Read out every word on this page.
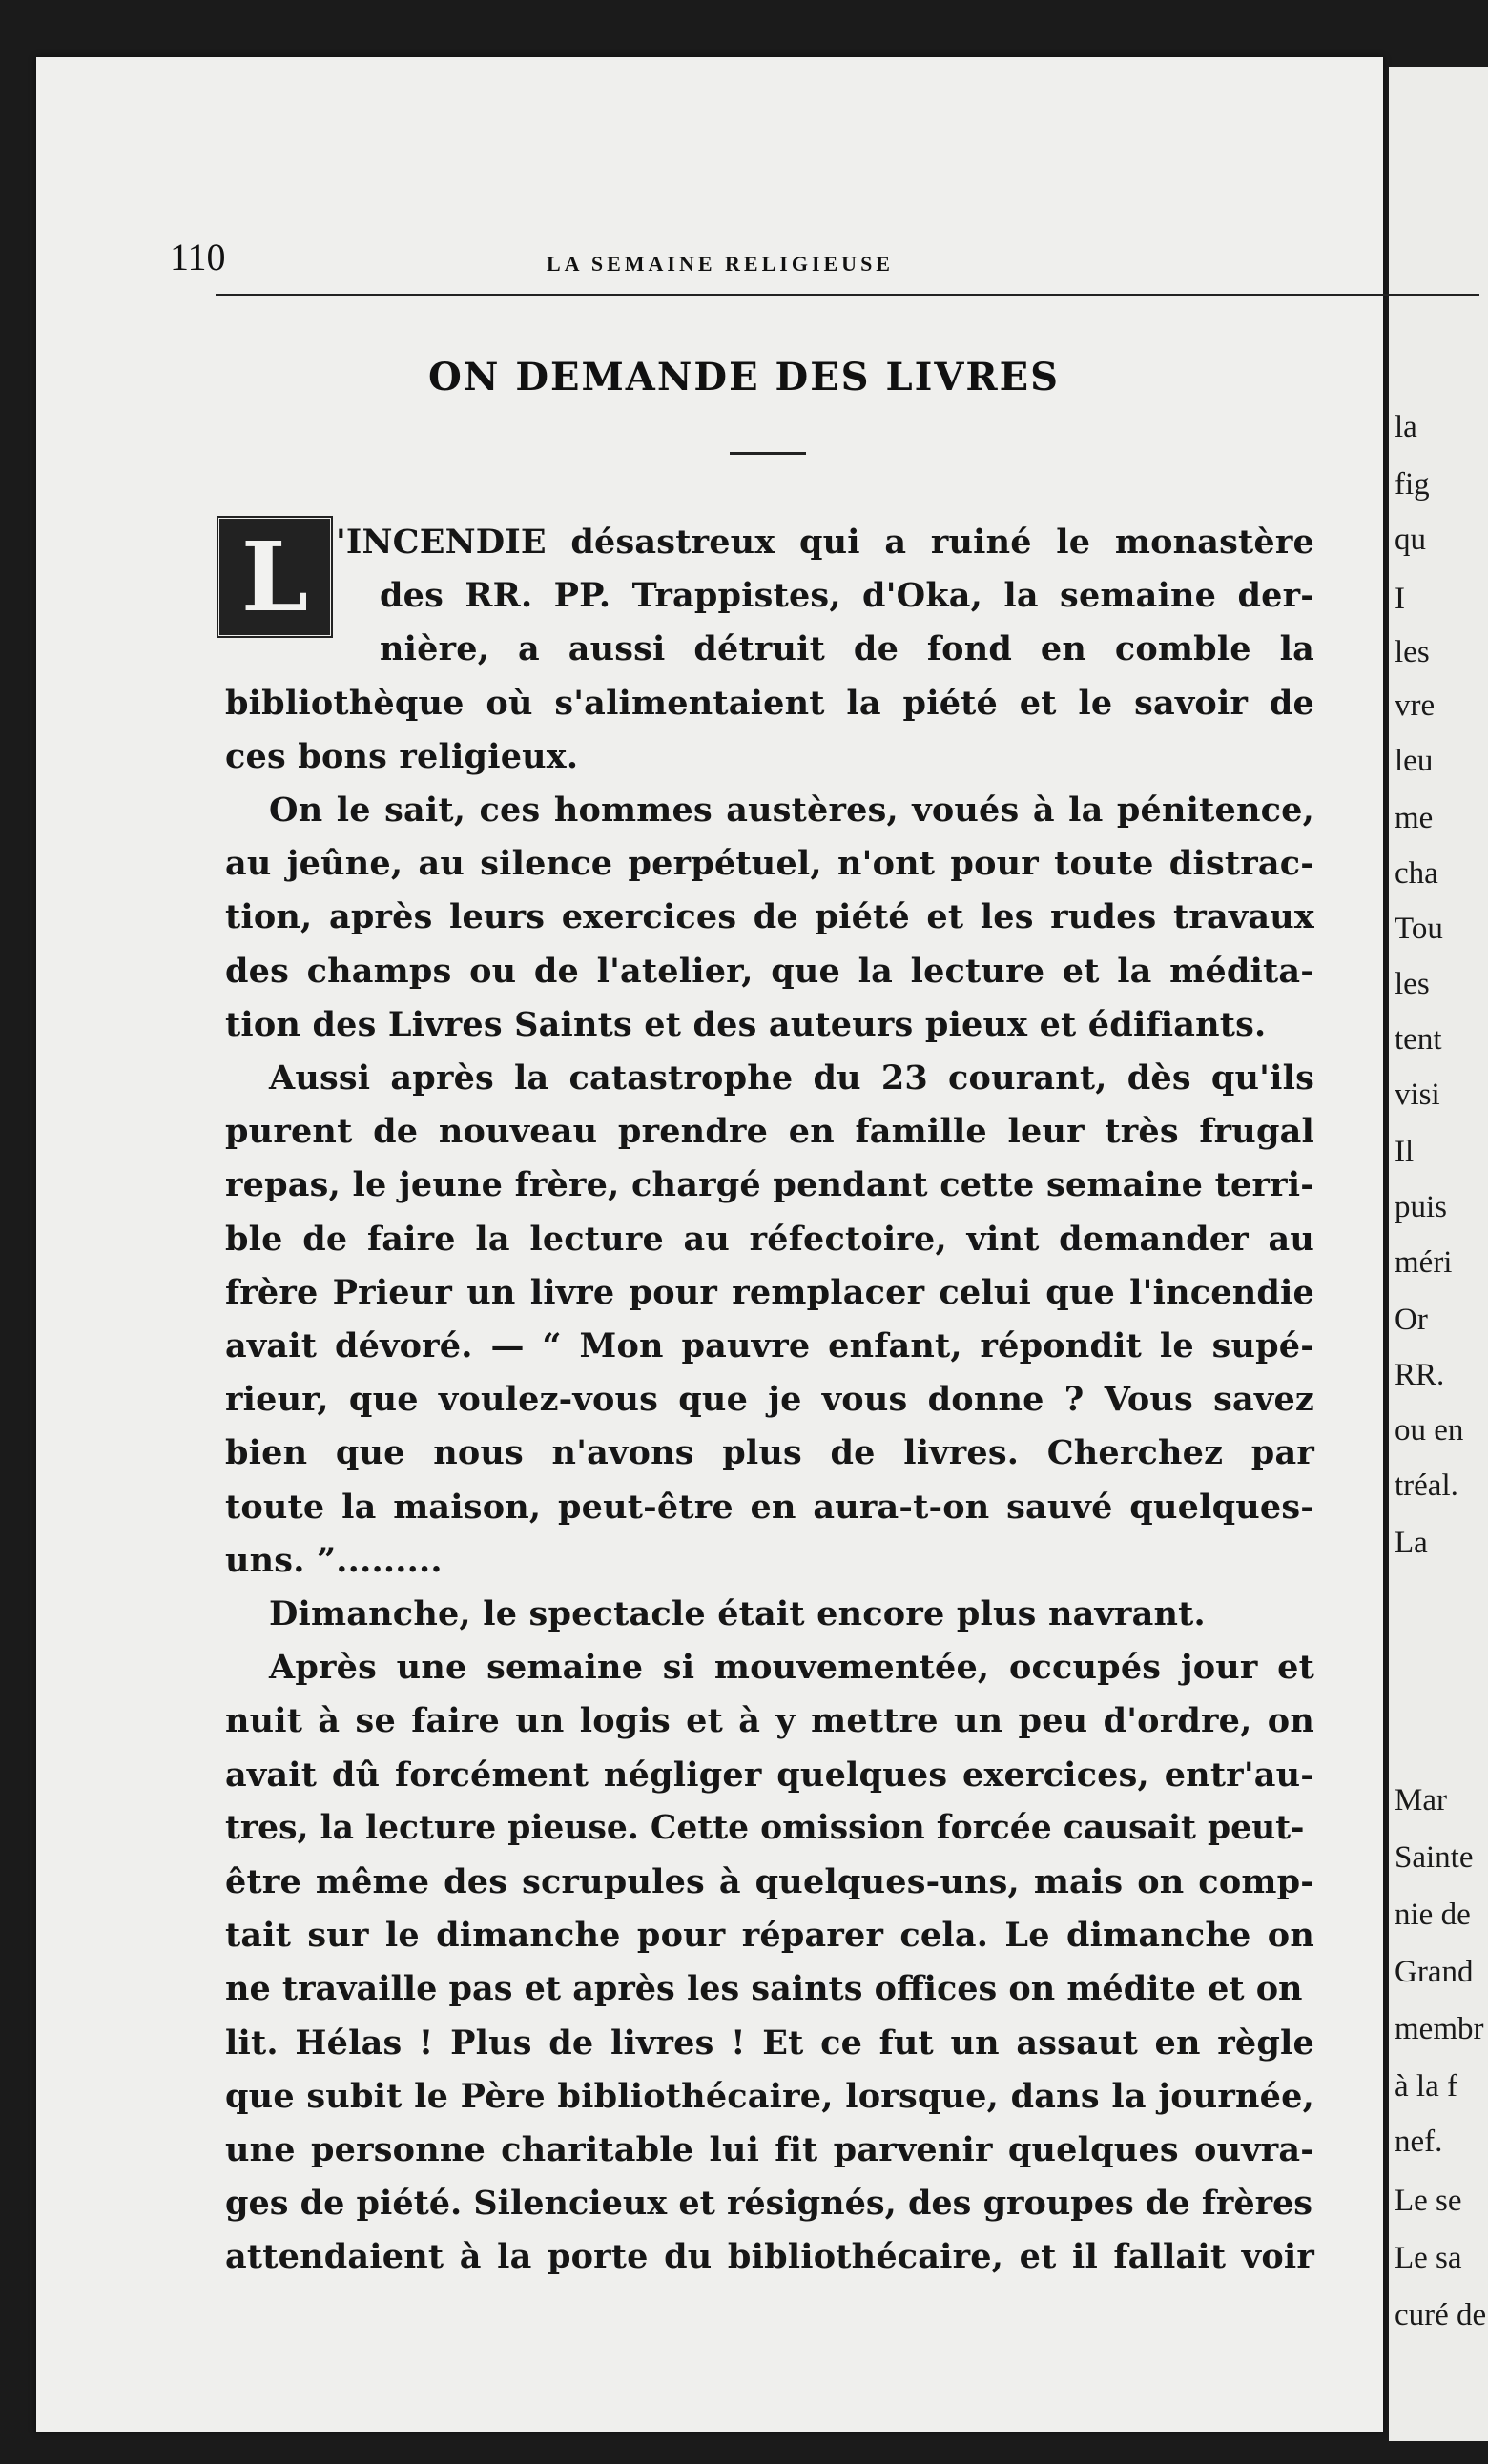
la
fig
qu
I
les
vre
leu
me
cha
Tou
les
tent
visi
Il
puis
méri
Or
RR.
ou en
tréal.
La
Mar
Sainte
nie de
Grand
membr
à la f
nef.
Le se
Le sa
curé de
110	LA SEMAINE RELIGIEUSE
ON DEMANDE DES LIVRES
L 'INCENDIE désastreux qui a ruiné le monastère
des RR. PP. Trappistes, d'Oka, la semaine der-
nière, a aussi détruit de fond en comble la
bibliothèque où s'alimentaient la piété et le savoir de
ces bons religieux.
On le sait, ces hommes austères, voués à la pénitence,
au jeûne, au silence perpétuel, n'ont pour toute distrac-
tion, après leurs exercices de piété et les rudes travaux
des champs ou de l'atelier, que la lecture et la médita-
tion des Livres Saints et des auteurs pieux et édifiants.
Aussi après la catastrophe du 23 courant, dès qu'ils
purent de nouveau prendre en famille leur très frugal
repas, le jeune frère, chargé pendant cette semaine terri-
ble de faire la lecture au réfectoire, vint demander au
frère Prieur un livre pour remplacer celui que l'incendie
avait dévoré. — “ Mon pauvre enfant, répondit le supé-
rieur, que voulez-vous que je vous donne ? Vous savez
bien que nous n'avons plus de livres. Cherchez par
toute la maison, peut-être en aura-t-on sauvé quelques-
uns. ”.........
Dimanche, le spectacle était encore plus navrant.
Après une semaine si mouvementée, occupés jour et
nuit à se faire un logis et à y mettre un peu d'ordre, on
avait dû forcément négliger quelques exercices, entr'au-
tres, la lecture pieuse. Cette omission forcée causait peut-
être même des scrupules à quelques-uns, mais on comp-
tait sur le dimanche pour réparer cela. Le dimanche on
ne travaille pas et après les saints offices on médite et on
lit. Hélas ! Plus de livres ! Et ce fut un assaut en règle
que subit le Père bibliothécaire, lorsque, dans la journée,
une personne charitable lui fit parvenir quelques ouvra-
ges de piété. Silencieux et résignés, des groupes de frères
attendaient à la porte du bibliothécaire, et il fallait voir
